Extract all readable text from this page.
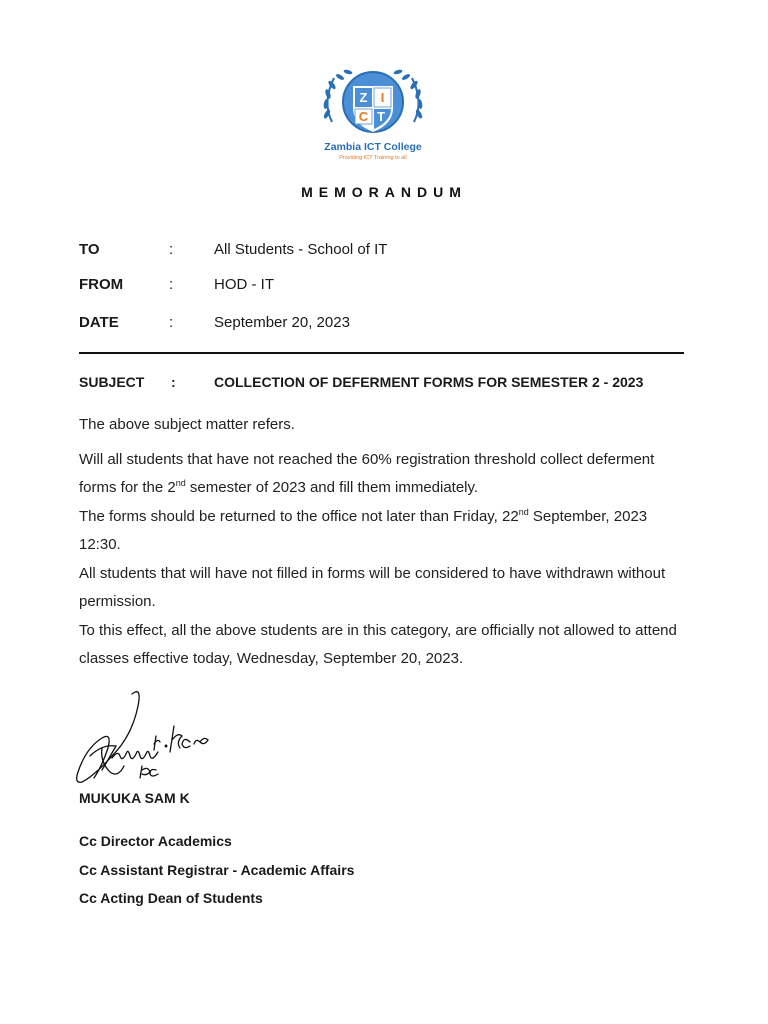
Z I
C T
Zambia ICT College
Providing ICT Training to all
MEMORANDUM
TO	:	All Students - School of IT
FROM	:	HOD - IT
DATE	:	September 20, 2023
SUBJECT :	COLLECTION OF DEFERMENT FORMS FOR SEMESTER 2 - 2023

The above subject matter refers.

Will all students that have not reached the 60% registration threshold collect deferment forms for the 2nd semester of 2023 and fill them immediately.

The forms should be returned to the office not later than Friday, 22nd September, 2023 12:30.

All students that will have not filled in forms will be considered to have withdrawn without permission.

To this effect, all the above students are in this category, are officially not allowed to attend classes effective today, Wednesday, September 20, 2023.

MUKUKA SAM K
Cc Director Academics
Cc Assistant Registrar - Academic Affairs
Cc Acting Dean of Students
